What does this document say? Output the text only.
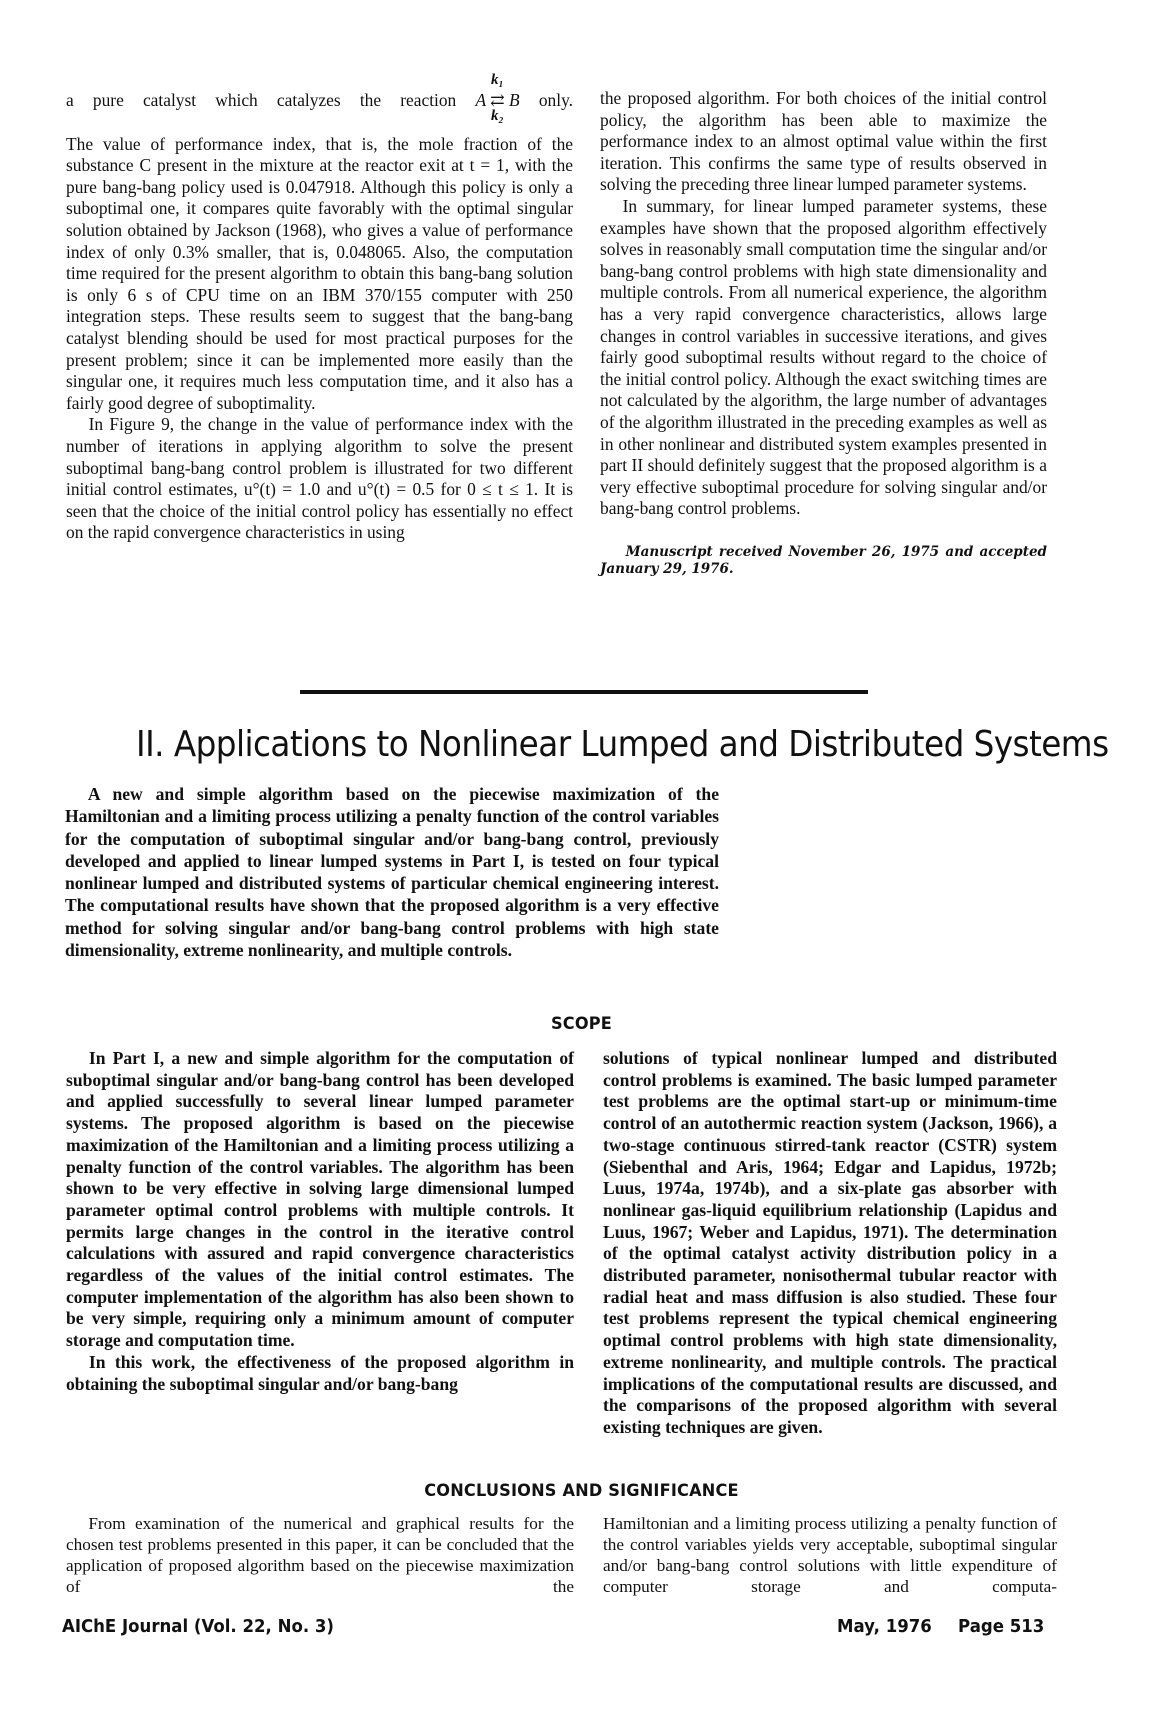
a pure catalyst which catalyzes the reaction A ⇄
k₁
k₂
B only.

The value of performance index, that is, the mole fraction of the substance C present in the mixture at the reactor exit at t = 1, with the pure bang-bang policy used is 0.047918. Although this policy is only a suboptimal one, it compares quite favorably with the optimal singular solution obtained by Jackson (1968), who gives a value of performance index of only 0.3% smaller, that is, 0.048065. Also, the computation time required for the present algorithm to obtain this bang-bang solution is only 6 s of CPU time on an IBM 370/155 computer with 250 integration steps. These results seem to suggest that the bang-bang catalyst blending should be used for most practical purposes for the present problem; since it can be implemented more easily than the singular one, it requires much less computation time, and it also has a fairly good degree of suboptimality.

In Figure 9, the change in the value of performance index with the number of iterations in applying algorithm to solve the present suboptimal bang-bang control problem is illustrated for two different initial control estimates, u°(t) = 1.0 and u°(t) = 0.5 for 0 ≤ t ≤ 1. It is seen that the choice of the initial control policy has essentially no effect on the rapid convergence characteristics in using

the proposed algorithm. For both choices of the initial control policy, the algorithm has been able to maximize the performance index to an almost optimal value within the first iteration. This confirms the same type of results observed in solving the preceding three linear lumped parameter systems.

In summary, for linear lumped parameter systems, these examples have shown that the proposed algorithm effectively solves in reasonably small computation time the singular and/or bang-bang control problems with high state dimensionality and multiple controls. From all numerical experience, the algorithm has a very rapid convergence characteristics, allows large changes in control variables in successive iterations, and gives fairly good suboptimal results without regard to the choice of the initial control policy. Although the exact switching times are not calculated by the algorithm, the large number of advantages of the algorithm illustrated in the preceding examples as well as in other nonlinear and distributed system examples presented in part II should definitely suggest that the proposed algorithm is a very effective suboptimal procedure for solving singular and/or bang-bang control problems.

Manuscript received November 26, 1975 and accepted January 29, 1976.

II. Applications to Nonlinear Lumped and Distributed Systems

A new and simple algorithm based on the piecewise maximization of the Hamiltonian and a limiting process utilizing a penalty function of the control variables for the computation of suboptimal singular and/or bang-bang control, previously developed and applied to linear lumped systems in Part I, is tested on four typical nonlinear lumped and distributed systems of particular chemical engineering interest. The computational results have shown that the proposed algorithm is a very effective method for solving singular and/or bang-bang control problems with high state dimensionality, extreme nonlinearity, and multiple controls.

SCOPE

In Part I, a new and simple algorithm for the computation of suboptimal singular and/or bang-bang control has been developed and applied successfully to several linear lumped parameter systems. The proposed algorithm is based on the piecewise maximization of the Hamiltonian and a limiting process utilizing a penalty function of the control variables. The algorithm has been shown to be very effective in solving large dimensional lumped parameter optimal control problems with multiple controls. It permits large changes in the control in the iterative control calculations with assured and rapid convergence characteristics regardless of the values of the initial control estimates. The computer implementation of the algorithm has also been shown to be very simple, requiring only a minimum amount of computer storage and computation time.

In this work, the effectiveness of the proposed algorithm in obtaining the suboptimal singular and/or bang-bang

solutions of typical nonlinear lumped and distributed control problems is examined. The basic lumped parameter test problems are the optimal start-up or minimum-time control of an autothermic reaction system (Jackson, 1966), a two-stage continuous stirred-tank reactor (CSTR) system (Siebenthal and Aris, 1964; Edgar and Lapidus, 1972b; Luus, 1974a, 1974b), and a six-plate gas absorber with nonlinear gas-liquid equilibrium relationship (Lapidus and Luus, 1967; Weber and Lapidus, 1971). The determination of the optimal catalyst activity distribution policy in a distributed parameter, nonisothermal tubular reactor with radial heat and mass diffusion is also studied. These four test problems represent the typical chemical engineering optimal control problems with high state dimensionality, extreme nonlinearity, and multiple controls. The practical implications of the computational results are discussed, and the comparisons of the proposed algorithm with several existing techniques are given.

CONCLUSIONS AND SIGNIFICANCE

From examination of the numerical and graphical results for the chosen test problems presented in this paper, it can be concluded that the application of proposed algorithm based on the piecewise maximization of the

Hamiltonian and a limiting process utilizing a penalty function of the control variables yields very acceptable, suboptimal singular and/or bang-bang control solutions with little expenditure of computer storage and computa-

AIChE Journal (Vol. 22, No. 3)	May, 1976 Page 513
